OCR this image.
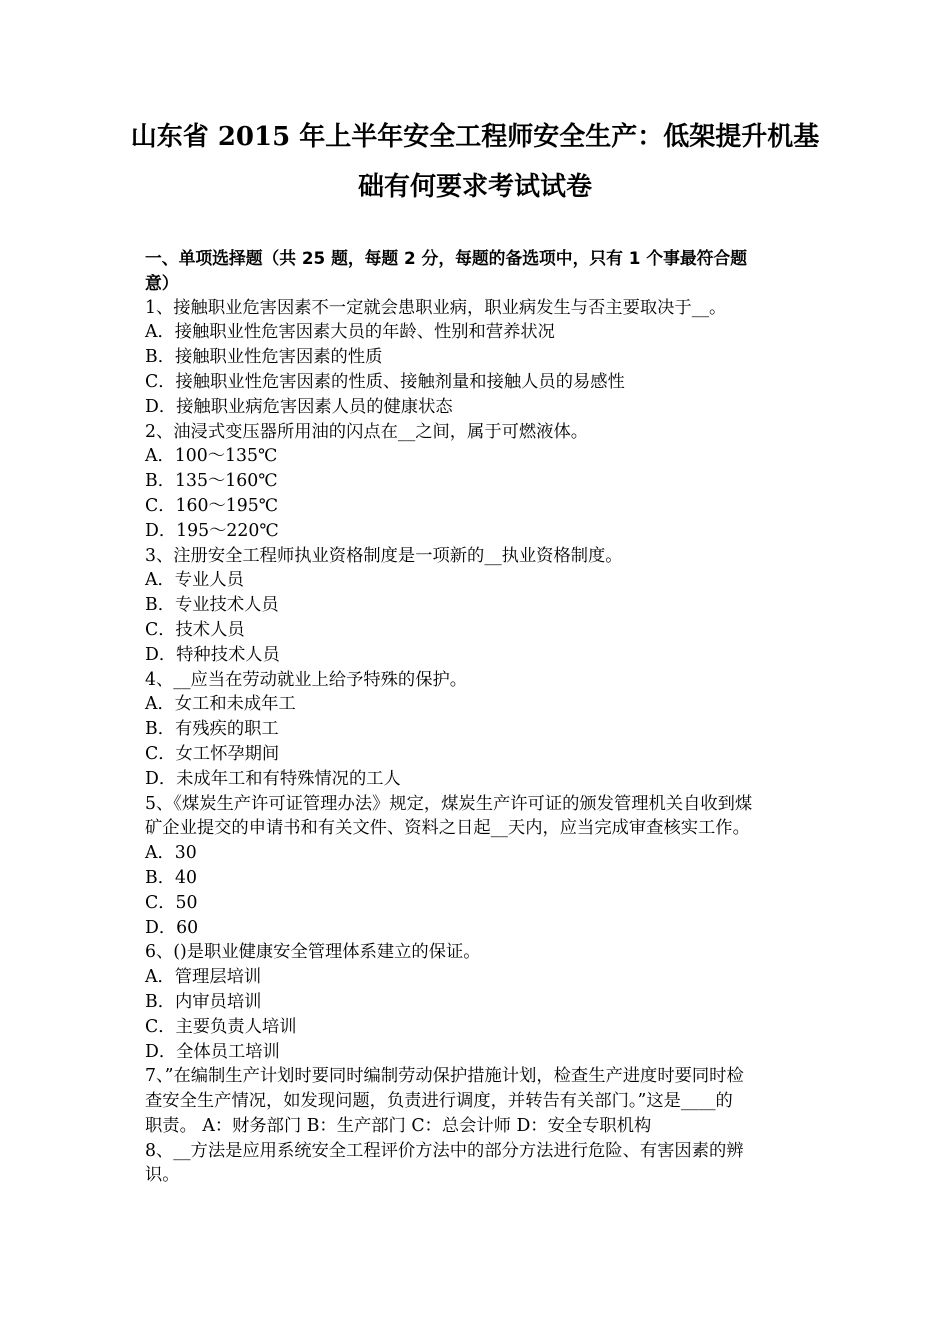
山东省 2015 年上半年安全工程师安全生产：低架提升机基
础有何要求考试试卷
一、单项选择题（共 25 题，每题 2 分，每题的备选项中，只有 1 个事最符合题
意）
1、接触职业危害因素不一定就会患职业病，职业病发生与否主要取决于__。
A．接触职业性危害因素大员的年龄、性别和营养状况
B．接触职业性危害因素的性质
C．接触职业性危害因素的性质、接触剂量和接触人员的易感性
D．接触职业病危害因素人员的健康状态
2、油浸式变压器所用油的闪点在__之间，属于可燃液体。
A．100～135℃
B．135～160℃
C．160～195℃
D．195～220℃
3、注册安全工程师执业资格制度是一项新的__执业资格制度。
A．专业人员
B．专业技术人员
C．技术人员
D．特种技术人员
4、__应当在劳动就业上给予特殊的保护。
A．女工和未成年工
B．有残疾的职工
C．女工怀孕期间
D．未成年工和有特殊情况的工人
5、《煤炭生产许可证管理办法》规定，煤炭生产许可证的颁发管理机关自收到煤
矿企业提交的申请书和有关文件、资料之日起__天内，应当完成审查核实工作。
A．30
B．40
C．50
D．60
6、()是职业健康安全管理体系建立的保证。
A．管理层培训
B．内审员培训
C．主要负责人培训
D．全体员工培训
7、”在编制生产计划时要同时编制劳动保护措施计划，检查生产进度时要同时检
查安全生产情况，如发现问题，负责进行调度，并转告有关部门。”这是____的
职责。 A：财务部门 B：生产部门 C：总会计师 D：安全专职机构
8、__方法是应用系统安全工程评价方法中的部分方法进行危险、有害因素的辨
识。
